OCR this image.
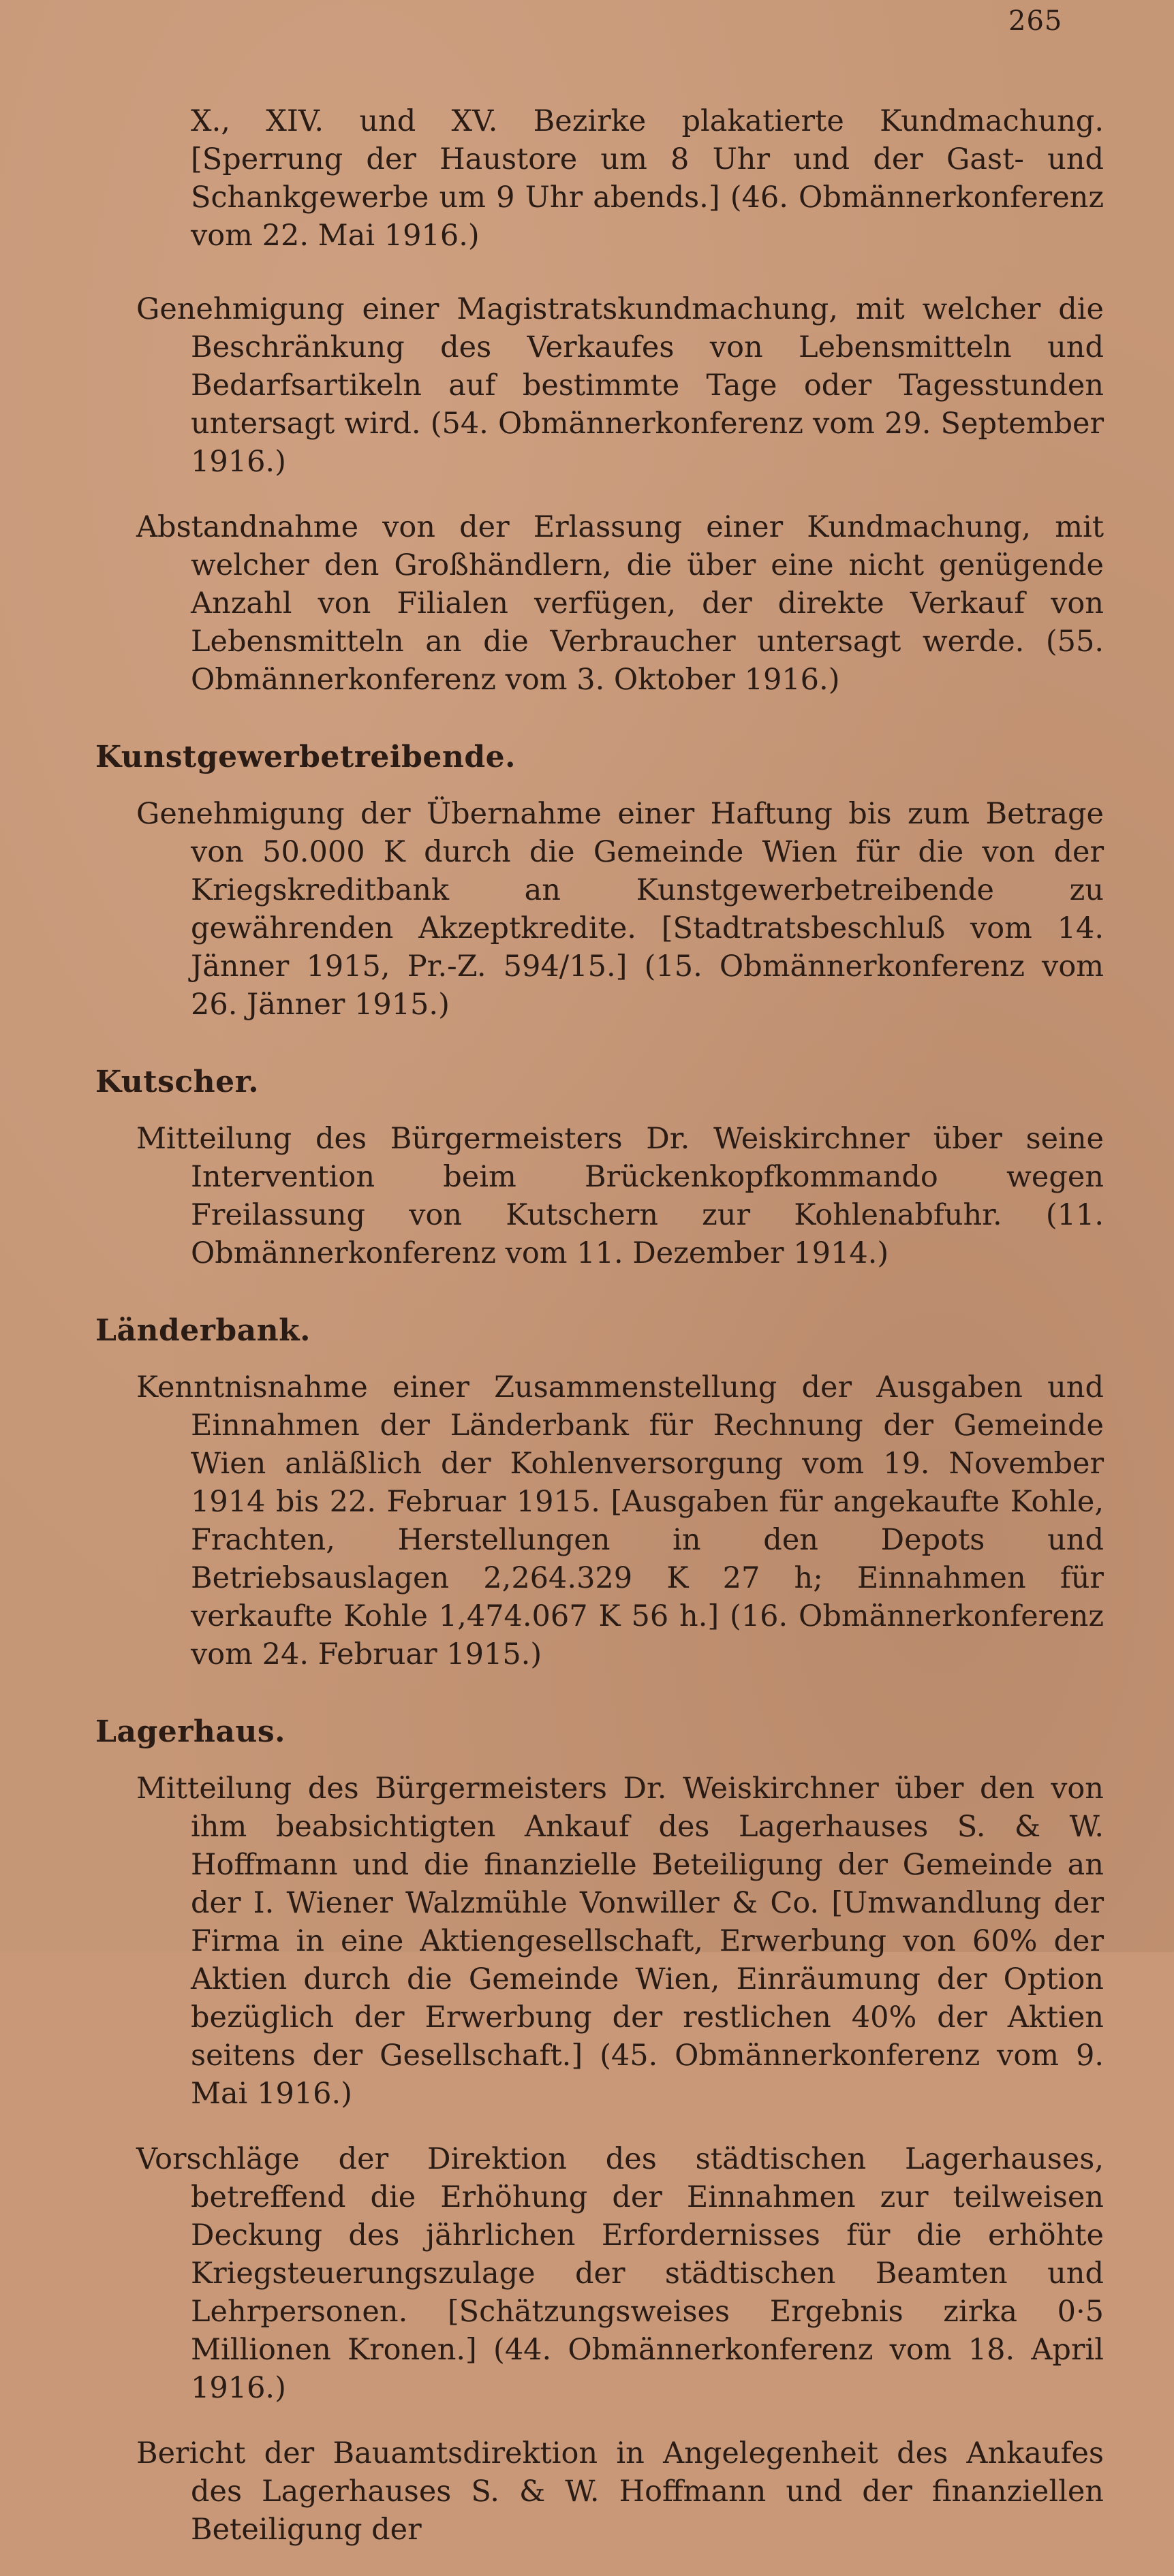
265

X., XIV. und XV. Bezirke plakatierte Kundmachung. [Sperrung der Haustore um 8 Uhr und der Gast- und Schankgewerbe um 9 Uhr abends.] (46. Obmännerkonferenz vom 22. Mai 1916.)

Genehmigung einer Magistratskundmachung, mit welcher die Beschränkung des Verkaufes von Lebensmitteln und Bedarfsartikeln auf bestimmte Tage oder Tagesstunden untersagt wird. (54. Obmännerkonferenz vom 29. September 1916.)

Abstandnahme von der Erlassung einer Kundmachung, mit welcher den Großhändlern, die über eine nicht genügende Anzahl von Filialen verfügen, der direkte Verkauf von Lebensmitteln an die Verbraucher untersagt werde. (55. Obmännerkonferenz vom 3. Oktober 1916.)

Kunstgewerbetreibende.

Genehmigung der Übernahme einer Haftung bis zum Betrage von 50.000 K durch die Gemeinde Wien für die von der Kriegskreditbank an Kunstgewerbetreibende zu gewährenden Akzeptkredite. [Stadtratsbeschluß vom 14. Jänner 1915, Pr.-Z. 594/15.] (15. Obmännerkonferenz vom 26. Jänner 1915.)

Kutscher.

Mitteilung des Bürgermeisters Dr. Weiskirchner über seine Intervention beim Brückenkopfkommando wegen Freilassung von Kutschern zur Kohlenabfuhr. (11. Obmännerkonferenz vom 11. Dezember 1914.)

Länderbank.

Kenntnisnahme einer Zusammenstellung der Ausgaben und Einnahmen der Länderbank für Rechnung der Gemeinde Wien anläßlich der Kohlenversorgung vom 19. November 1914 bis 22. Februar 1915. [Ausgaben für angekaufte Kohle, Frachten, Herstellungen in den Depots und Betriebsauslagen 2,264.329 K 27 h; Einnahmen für verkaufte Kohle 1,474.067 K 56 h.] (16. Obmännerkonferenz vom 24. Februar 1915.)

Lagerhaus.

Mitteilung des Bürgermeisters Dr. Weiskirchner über den von ihm beabsichtigten Ankauf des Lagerhauses S. & W. Hoffmann und die finanzielle Beteiligung der Gemeinde an der I. Wiener Walzmühle Vonwiller & Co. [Umwandlung der Firma in eine Aktiengesellschaft, Erwerbung von 60% der Aktien durch die Gemeinde Wien, Einräumung der Option bezüglich der Erwerbung der restlichen 40% der Aktien seitens der Gesellschaft.] (45. Obmännerkonferenz vom 9. Mai 1916.)

Vorschläge der Direktion des städtischen Lagerhauses, betreffend die Erhöhung der Einnahmen zur teilweisen Deckung des jährlichen Erfordernisses für die erhöhte Kriegsteuerungszulage der städtischen Beamten und Lehrpersonen. [Schätzungsweises Ergebnis zirka 0·5 Millionen Kronen.] (44. Obmännerkonferenz vom 18. April 1916.)

Bericht der Bauamtsdirektion in Angelegenheit des Ankaufes des Lagerhauses S. & W. Hoffmann und der finanziellen Beteiligung der
